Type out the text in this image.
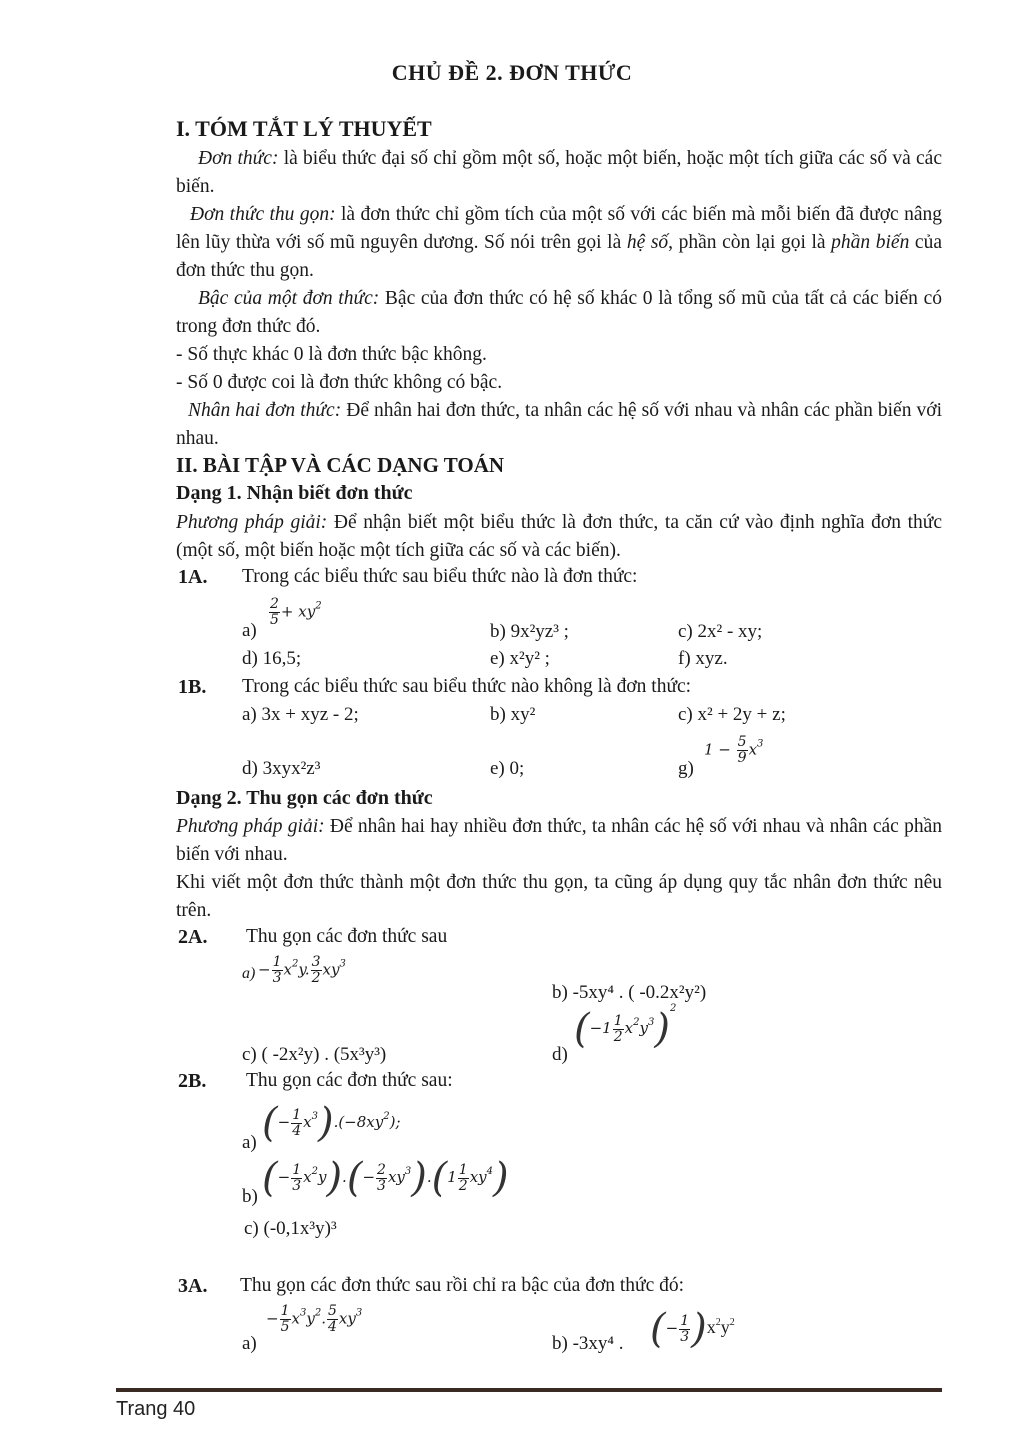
CHỦ ĐỀ 2. ĐƠN THỨC
I. TÓM TẮT LÝ THUYẾT
Đơn thức: là biểu thức đại số chỉ gồm một số, hoặc một biến, hoặc một tích giữa các số và các biến.
Đơn thức thu gọn: là đơn thức chỉ gồm tích của một số với các biến mà mỗi biến đã được nâng lên lũy thừa với số mũ nguyên dương. Số nói trên gọi là hệ số, phần còn lại gọi là phần biến của đơn thức thu gọn.
Bậc của một đơn thức: Bậc của đơn thức có hệ số khác 0 là tổng số mũ của tất cả các biến có trong đơn thức đó.
- Số thực khác 0 là đơn thức bậc không.
- Số 0 được coi là đơn thức không có bậc.
Nhân hai đơn thức: Để nhân hai đơn thức, ta nhân các hệ số với nhau và nhân các phần biến với nhau.
II. BÀI TẬP VÀ CÁC DẠNG TOÁN
Dạng 1. Nhận biết đơn thức
Phương pháp giải: Để nhận biết một biểu thức là đơn thức, ta căn cứ vào định nghĩa đơn thức (một số, một biến hoặc một tích giữa các số và các biến).
1A. Trong các biểu thức sau biểu thức nào là đơn thức:
a)
$\frac{2}{5} + xy^2$
b) 9x²yz³ ;	c) 2x² - xy;
d) 16,5;	e) x²y² ;	f) xyz.
1B. Trong các biểu thức sau biểu thức nào không là đơn thức:
a) 3x + xyz - 2;	b) xy²	c) x² + 2y + z;
d) 3xyx²z³	e) 0;	g)
$1 - \frac{5}{9} x^3$
Dạng 2. Thu gọn các đơn thức
Phương pháp giải: Để nhân hai hay nhiều đơn thức, ta nhân các hệ số với nhau và nhân các phần biến với nhau.
Khi viết một đơn thức thành một đơn thức thu gọn, ta cũng áp dụng quy tắc nhân đơn thức nêu trên.
2A. Thu gọn các đơn thức sau
$a) - \frac{1}{3} x^2y$. $\frac{3}{2} xy^3$
b) -5xy⁴ . ( -0.2x²y²)
c) ( -2x²y) . (5x³y³)	d)
$(-1 \frac{1}{2} x^2y^3)^2$
2B. Thu gọn các đơn thức sau:
a) (− $\frac{1}{4} x^3).(-8xy^2)$;
b) (− $\frac{1}{3} x^2y).(- \frac{2}{3} xy^3).(1 \frac{1}{2} xy^4)$
c) (-0,1x³y)³
3A. Thu gọn các đơn thức sau rồi chỉ ra bậc của đơn thức đó:
a)
− $\frac{1}{5} x^3y^2$. $\frac{5}{4} xy^3$
b) -3xy⁴ . (− $\frac{1}{3} )x^2y^2$
Trang 40
